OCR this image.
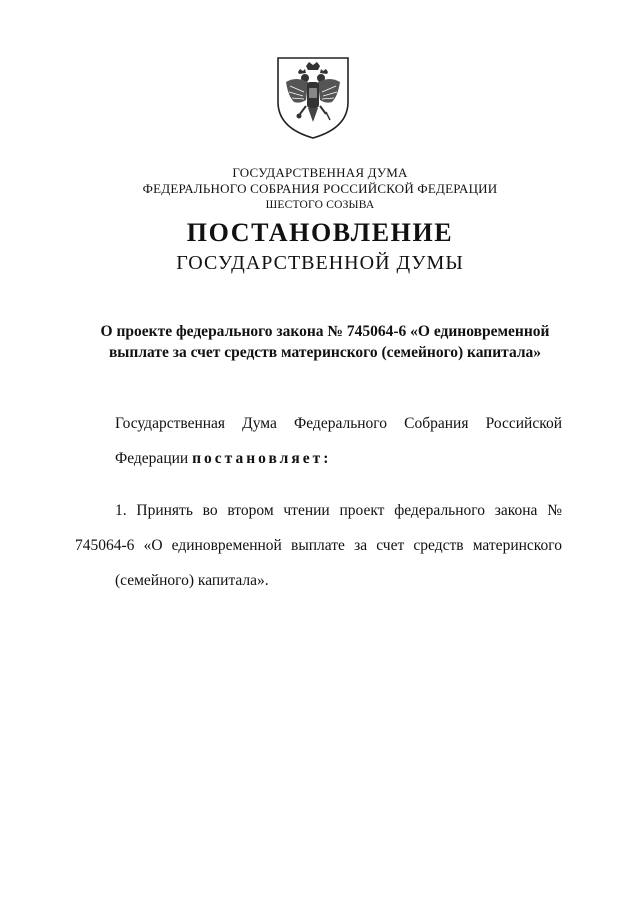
ГОСУДАРСТВЕННАЯ ДУМА
ФЕДЕРАЛЬНОГО СОБРАНИЯ РОССИЙСКОЙ ФЕДЕРАЦИИ
ШЕСТОГО СОЗЫВА
ПОСТАНОВЛЕНИЕ
ГОСУДАРСТВЕННОЙ ДУМЫ
О проекте федерального закона № 745064-6 «О единовременной
выплате за счет средств материнского (семейного) капитала»
Государственная Дума Федерального Собрания Российской
Федерации постановляет:
1. Принять во втором чтении проект федерального закона № 745064-6 «О единовременной выплате за счет средств материнского
(семейного) капитала».
